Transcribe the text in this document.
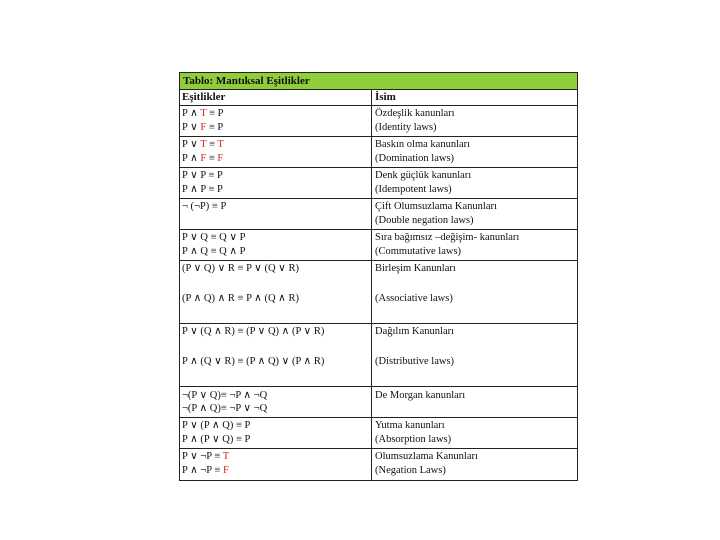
Tablo: Mantıksal Eşitlikler
Eşitlikler	İsim
P ∧ T ≡ P
P ∨ F ≡ P
Özdeşlik kanunları
(Identity laws)
P ∨ T ≡ T
P ∧ F ≡ F
Baskın olma kanunları
(Domination laws)
P ∨ P ≡ P
P ∧ P ≡ P
Denk güçlük kanunları
(Idempotent laws)
¬ (¬P) ≡ P	Çift Olumsuzlama Kanunları
(Double negation laws)
P ∨ Q ≡ Q ∨ P
P ∧ Q ≡ Q ∧ P
Sıra bağımsız –değişim- kanunları
(Commutative laws)
(P ∨ Q) ∨ R ≡ P ∨ (Q ∨ R)
(P ∧ Q) ∧ R ≡ P ∧ (Q ∧ R)
Birleşim Kanunları
(Associative laws)
P ∨ (Q ∧ R) ≡ (P ∨ Q) ∧ (P ∨ R)
P ∧ (Q ∨ R) ≡ (P ∧ Q) ∨ (P ∧ R)
Dağılım Kanunları
(Distributive laws)
¬(P ∨ Q)≡ ¬P ∧ ¬Q
¬(P ∧ Q)≡ ¬P ∨ ¬Q
De Morgan kanunları
P ∨ (P ∧ Q) ≡ P
P ∧ (P ∨ Q) ≡ P
Yutma kanunları
(Absorption laws)
P ∨ ¬P ≡ T
P ∧ ¬P ≡ F
Olumsuzlama Kanunları
(Negation Laws)
